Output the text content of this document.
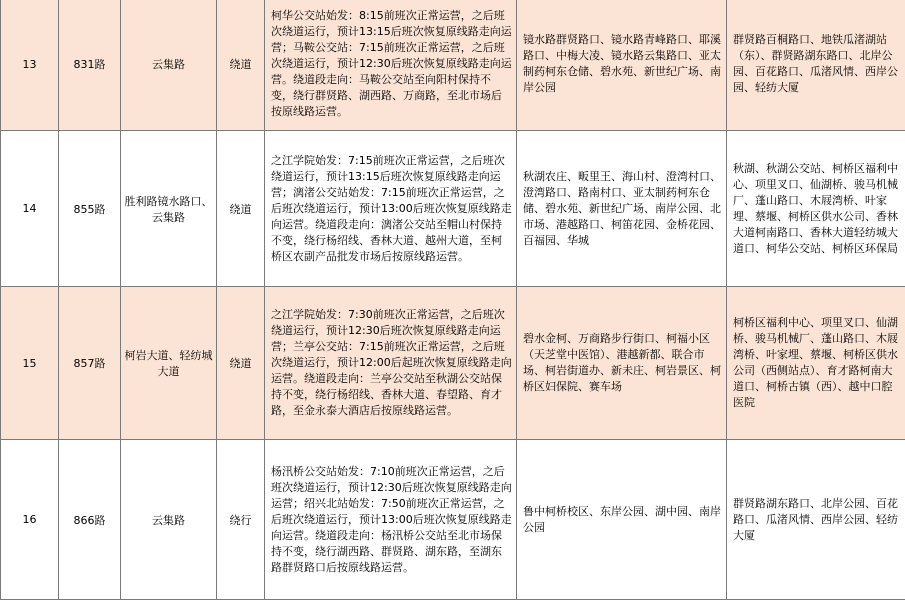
13	831路	云集路	绕道	柯华公交站始发：8:15前班次正常运营，之后班次绕道运行，预计13:15后班次恢复原线路走向运营；马鞍公交站：7:15前班次正常运营，之后班次绕道运行，预计12:30后班次恢复原线路走向运营。绕道段走向：马鞍公交站至向阳村保持不变，绕行群贤路、湖西路、万商路，至北市场后按原线路运营。	镜水路群贤路口、镜水路青峰路口、耶溪路口、中梅大凌、镜水路云集路口、亚太制药柯东仓储、碧水苑、新世纪广场、南岸公园	群贤路百桐路口、地铁瓜渚湖站（东）、群贤路湖东路口、北岸公园、百花路口、瓜渚风情、西岸公园、轻纺大厦
14	855路	胜利路镜水路口、云集路	绕道	之江学院始发：7:15前班次正常运营，之后班次绕道运行，预计13:15后班次恢复原线路走向运营；漓渚公交站始发：7:15前班次正常运营，之后班次绕道运行，预计13:00后班次恢复原线路走向运营。绕道段走向：漓渚公交站至帽山村保持不变，绕行杨绍线、香林大道、越州大道，至柯桥区农副产品批发市场后按原线路运营。	秋湖农庄、畈里王、海山村、澄湾村口、澄湾路口、路南村口、亚太制药柯东仓储、碧水苑、新世纪广场、南岸公园、北市场、港越路口、柯笛花园、金桥花园、百福园、华城	秋湖、秋湖公交站、柯桥区福利中心、项里叉口、仙湖桥、骏马机械厂、蓬山路口、木屐湾桥、叶家埋、蔡堰、柯桥区供水公司、香林大道柯南路口、香林大道轻纺城大道口、柯华公交站、柯桥区环保局
15	857路	柯岩大道、轻纺城大道	绕道	之江学院始发：7:30前班次正常运营，之后班次绕道运行，预计12:30后班次恢复原线路走向运营；兰亭公交站：7:15前班次正常运营，之后班次绕道运行，预计12:00后起班次恢复原线路走向运营。绕道段走向：兰亭公交站至秋湖公交站保持不变，绕行杨绍线、香林大道、春望路、育才路，至金永泰大酒店后按原线路运营。	碧水金柯、万商路步行街口、柯福小区（天芝堂中医馆）、港越新都、联合市场、柯岩街道办、新未庄、柯岩景区、柯桥区妇保院、赛车场	柯桥区福利中心、项里叉口、仙湖桥、骏马机械厂、蓬山路口、木屐湾桥、叶家埋、蔡堰、柯桥区供水公司（西侧站点）、育才路柯南大道口、柯桥古镇（西）、越中口腔医院
16	866路	云集路	绕行	杨汛桥公交站始发：7:10前班次正常运营，之后班次绕道运行，预计12:30后班次恢复原线路走向运营；绍兴北站始发：7:50前班次正常运营，之后班次绕道运行，预计13:00后班次恢复原线路走向运营。绕道段走向：杨汛桥公交站至北市场保持不变，绕行湖西路、群贤路、湖东路，至湖东路群贤路口后按原线路运营。	鲁中柯桥校区、东岸公园、湖中园、南岸公园	群贤路湖东路口、北岸公园、百花路口、瓜渚风情、西岸公园、轻纺大厦
